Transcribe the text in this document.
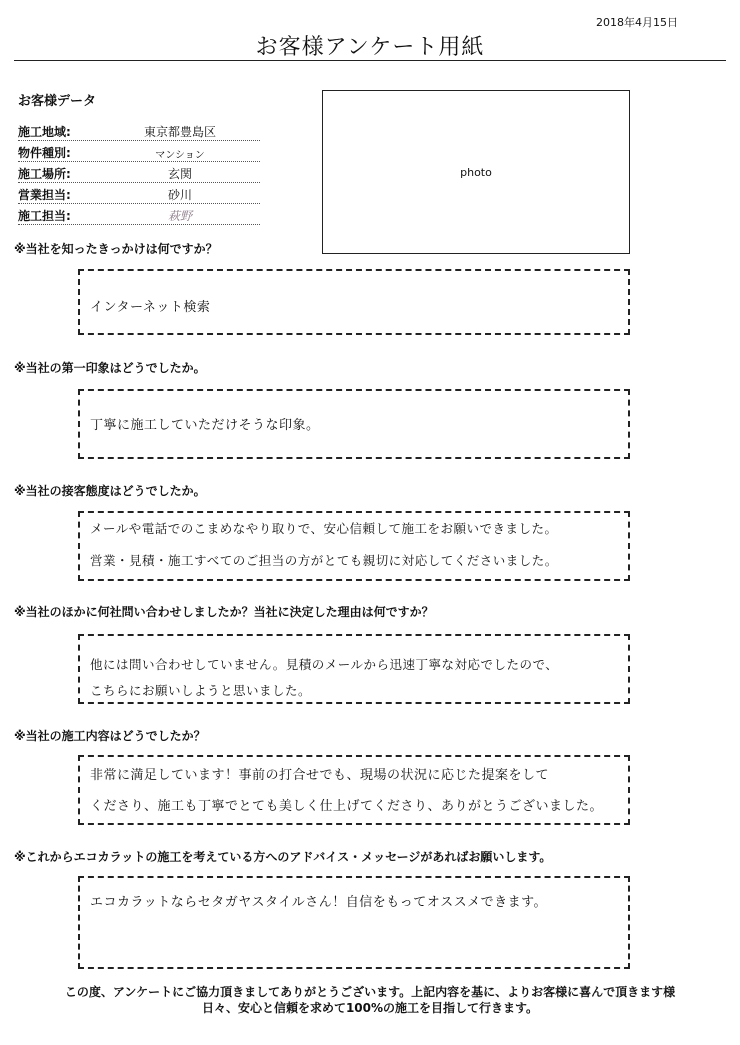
2018年4月15日
お客様アンケート用紙
お客様データ
施工地域:	東京都豊島区
物件種別:	マンション
施工場所:	玄関
営業担当:	砂川
施工担当:	萩野
photo
※当社を知ったきっかけは何ですか？
インターネット検索
※当社の第一印象はどうでしたか。
丁寧に施工していただけそうな印象。
※当社の接客態度はどうでしたか。
メールや電話でのこまめなやり取りで、安心信頼して施工をお願いできました。
営業・見積・施工すべてのご担当の方がとても親切に対応してくださいました。
※当社のほかに何社問い合わせしましたか？当社に決定した理由は何ですか？
他には問い合わせしていません。見積のメールから迅速丁寧な対応でしたので、
こちらにお願いしようと思いました。
※当社の施工内容はどうでしたか？
非常に満足しています！事前の打合せでも、現場の状況に応じた提案をして
くださり、施工も丁寧でとても美しく仕上げてくださり、ありがとうございました。
※これからエコカラットの施工を考えている方へのアドバイス・メッセージがあればお願いします。
エコカラットならセタガヤスタイルさん！自信をもってオススメできます。
この度、アンケートにご協力頂きましてありがとうございます。上記内容を基に、よりお客様に喜んで頂きます様
日々、安心と信頼を求めて100%の施工を目指して行きます。
